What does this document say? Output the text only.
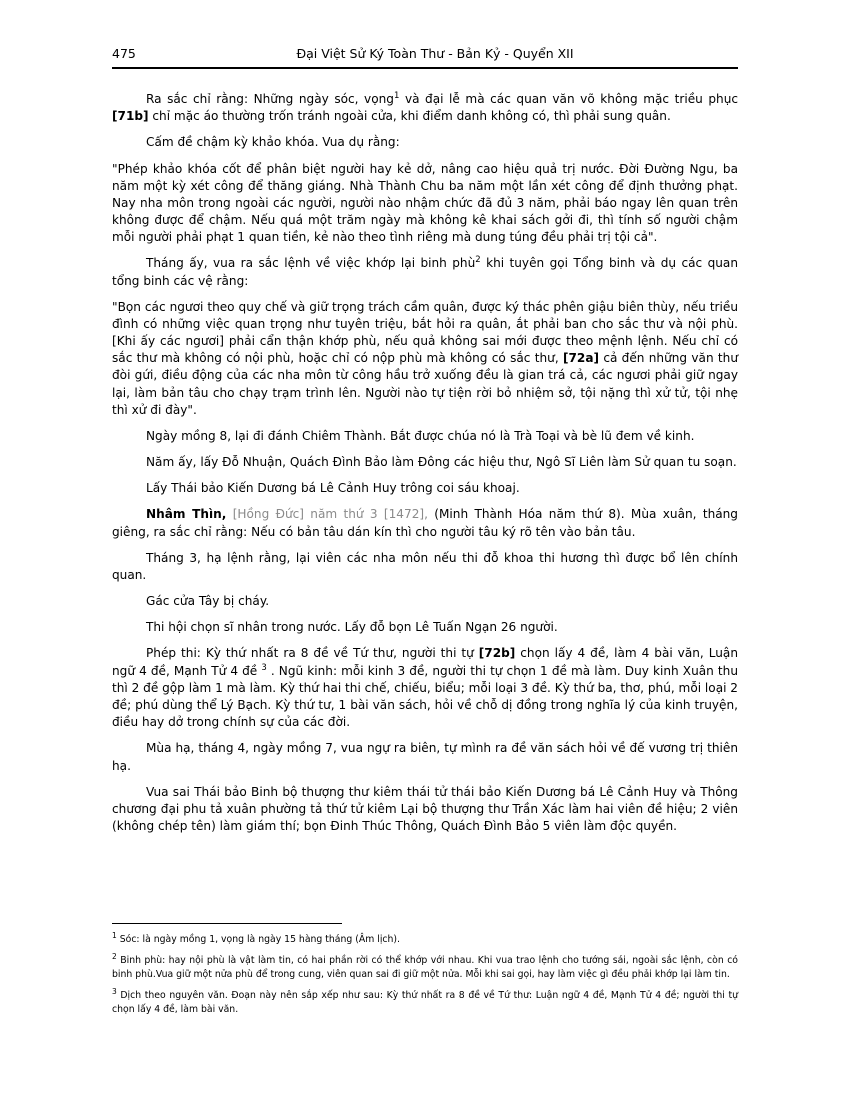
475	Đại Việt Sử Ký Toàn Thư - Bản Kỷ - Quyển XII

Ra sắc chỉ rằng: Những ngày sóc, vọng$^1$ và đại lễ mà các quan văn võ không mặc triều phục [71b] chỉ mặc áo thường trốn tránh ngoài cửa, khi điểm danh không có, thì phải sung quân.

Cấm đề chậm kỳ khảo khóa. Vua dụ rằng:

"Phép khảo khóa cốt để phân biệt người hay kẻ dở, nâng cao hiệu quả trị nước. Đời Đường Ngu, ba năm một kỳ xét công để thăng giáng. Nhà Thành Chu ba năm một lần xét công để định thưởng phạt. Nay nha môn trong ngoài các người, người nào nhậm chức đã đủ 3 năm, phải báo ngay lên quan trên không được để chậm. Nếu quá một trăm ngày mà không kê khai sách gởi đi, thì tính số người chậm mỗi người phải phạt 1 quan tiền, kẻ nào theo tình riêng mà dung túng đều phải trị tội cả".

Tháng ấy, vua ra sắc lệnh về việc khớp lại binh phù$^2$ khi tuyên gọi Tổng binh và dụ các quan tổng binh các vệ rằng:

"Bọn các ngươi theo quy chế và giữ trọng trách cầm quân, được ký thác phên giậu biên thùy, nếu triều đình có những việc quan trọng như tuyên triệu, bắt hỏi ra quân, ắt phải ban cho sắc thư và nội phù. [Khi ấy các ngươi] phải cẩn thận khớp phù, nếu quả không sai mới được theo mệnh lệnh. Nếu chỉ có sắc thư mà không có nội phù, hoặc chỉ có nộp phù mà không có sắc thư, [72a] cả đến những văn thư đòi gứi, điều động của các nha môn từ công hầu trở xuống đều là gian trá cả, các ngươi phải giữ ngay lại, làm bản tâu cho chạy trạm trình lên. Người nào tự tiện rời bỏ nhiệm sở, tội nặng thì xử tử, tội nhẹ thì xử đi đày".

Ngày mồng 8, lại đi đánh Chiêm Thành. Bắt được chúa nó là Trà Toại và bè lũ đem về kinh.

Năm ấy, lấy Đỗ Nhuận, Quách Đình Bảo làm Đông các hiệu thư, Ngô Sĩ Liên làm Sử quan tu soạn.

Lấy Thái bảo Kiến Dương bá Lê Cảnh Huy trông coi sáu khoaj.

Nhâm Thìn, [Hồng Đức] năm thứ 3 [1472], (Minh Thành Hóa năm thứ 8). Mùa xuân, tháng giêng, ra sắc chỉ rằng: Nếu có bản tâu dán kín thì cho người tâu ký rõ tên vào bản tâu.

Tháng 3, hạ lệnh rằng, lại viên các nha môn nếu thi đỗ khoa thi hương thì được bổ lên chính quan.

Gác cửa Tây bị cháy.

Thi hội chọn sĩ nhân trong nước. Lấy đỗ bọn Lê Tuấn Ngạn 26 người.

Phép thi: Kỳ thứ nhất ra 8 đề về Tứ thư, người thi tự [72b] chọn lấy 4 đề, làm 4 bài văn, Luận ngữ 4 đề, Mạnh Tử 4 đề $^3$ . Ngũ kinh: mỗi kinh 3 đề, người thi tự chọn 1 đề mà làm. Duy kinh Xuân thu thì 2 đề gộp làm 1 mà làm. Kỳ thứ hai thi chế, chiếu, biểu; mỗi loại 3 đề. Kỳ thứ ba, thơ, phú, mỗi loại 2 đề; phú dùng thể Lý Bạch. Kỳ thứ tư, 1 bài văn sách, hỏi về chỗ dị đồng trong nghĩa lý của kinh truyện, điều hay dở trong chính sự của các đời.

Mùa hạ, tháng 4, ngày mồng 7, vua ngự ra biên, tự mình ra đề văn sách hỏi về đế vương trị thiên hạ.

Vua sai Thái bảo Binh bộ thượng thư kiêm thái tử thái bảo Kiến Dương bá Lê Cảnh Huy và Thông chương đại phu tả xuân phường tả thứ tử kiêm Lại bộ thượng thư Trần Xác làm hai viên đề hiệu; 2 viên (không chép tên) làm giám thí; bọn Đinh Thúc Thông, Quách Đình Bảo 5 viên làm độc quyền.

$^1$ Sóc: là ngày mồng 1, vọng là ngày 15 hàng tháng (Âm lịch).
$^2$ Binh phù: hay nội phù là vật làm tin, có hai phần rời có thể khớp với nhau. Khi vua trao lệnh cho tướng sái, ngoài sắc lệnh, còn có binh phù.Vua giữ một nửa phù để trong cung, viên quan sai đi giữ một nửa. Mỗi khi sai gọi, hay làm việc gì đều phải khớp lại làm tin.
$^3$ Dịch theo nguyên văn. Đoạn này nên sắp xếp như sau: Kỳ thứ nhất ra 8 đề về Tứ thư: Luận ngữ 4 đề, Mạnh Tử 4 đề; người thi tự chọn lấy 4 đề, làm bài văn.
